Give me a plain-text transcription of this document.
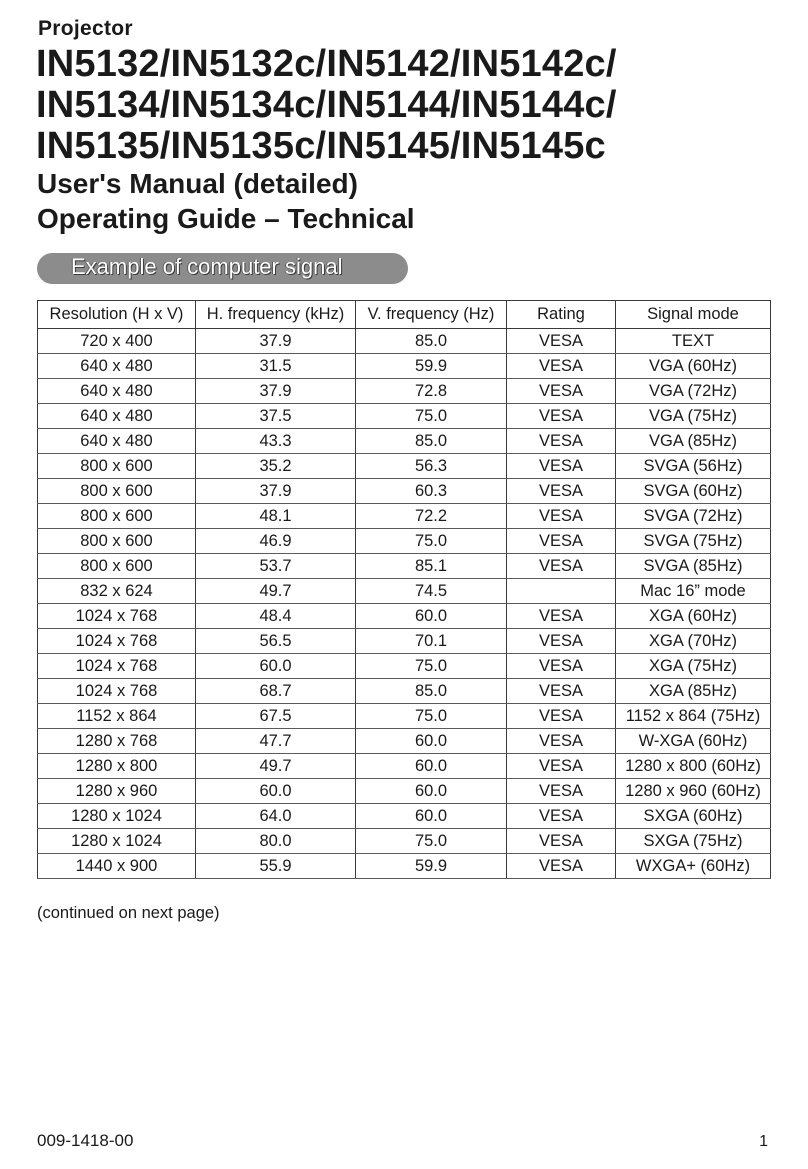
Projector
IN5132/IN5132c/IN5142/IN5142c/
IN5134/IN5134c/IN5144/IN5144c/
IN5135/IN5135c/IN5145/IN5145c
User's Manual (detailed)
Operating Guide – Technical
Example of computer signal
Resolution (H x V)	H. frequency (kHz)	V. frequency (Hz)	Rating	Signal mode
720 x 400	37.9	85.0	VESA	TEXT
640 x 480	31.5	59.9	VESA	VGA (60Hz)
640 x 480	37.9	72.8	VESA	VGA (72Hz)
640 x 480	37.5	75.0	VESA	VGA (75Hz)
640 x 480	43.3	85.0	VESA	VGA (85Hz)
800 x 600	35.2	56.3	VESA	SVGA (56Hz)
800 x 600	37.9	60.3	VESA	SVGA (60Hz)
800 x 600	48.1	72.2	VESA	SVGA (72Hz)
800 x 600	46.9	75.0	VESA	SVGA (75Hz)
800 x 600	53.7	85.1	VESA	SVGA (85Hz)
832 x 624	49.7	74.5		Mac 16” mode
1024 x 768	48.4	60.0	VESA	XGA (60Hz)
1024 x 768	56.5	70.1	VESA	XGA (70Hz)
1024 x 768	60.0	75.0	VESA	XGA (75Hz)
1024 x 768	68.7	85.0	VESA	XGA (85Hz)
1152 x 864	67.5	75.0	VESA	1152 x 864 (75Hz)
1280 x 768	47.7	60.0	VESA	W-XGA (60Hz)
1280 x 800	49.7	60.0	VESA	1280 x 800 (60Hz)
1280 x 960	60.0	60.0	VESA	1280 x 960 (60Hz)
1280 x 1024	64.0	60.0	VESA	SXGA (60Hz)
1280 x 1024	80.0	75.0	VESA	SXGA (75Hz)
1440 x 900	55.9	59.9	VESA	WXGA+ (60Hz)
(continued on next page)
009-1418-00	1
